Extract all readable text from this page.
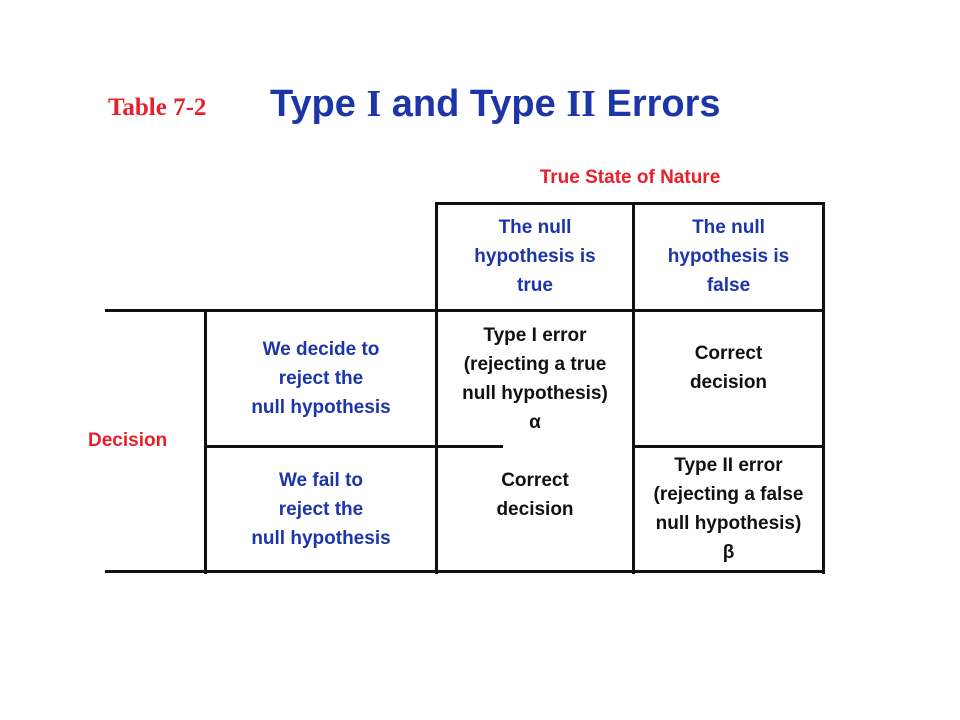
Table 7-2 Type I and Type II Errors
True State of Nature
Decision
The null
hypothesis is
true
The null
hypothesis is
false
We decide to
reject the
null hypothesis
Type I error
(rejecting a true
null hypothesis)
α
Correct
decision
We fail to
reject the
null hypothesis
Correct
decision
Type II error
(rejecting a false
null hypothesis)
β
